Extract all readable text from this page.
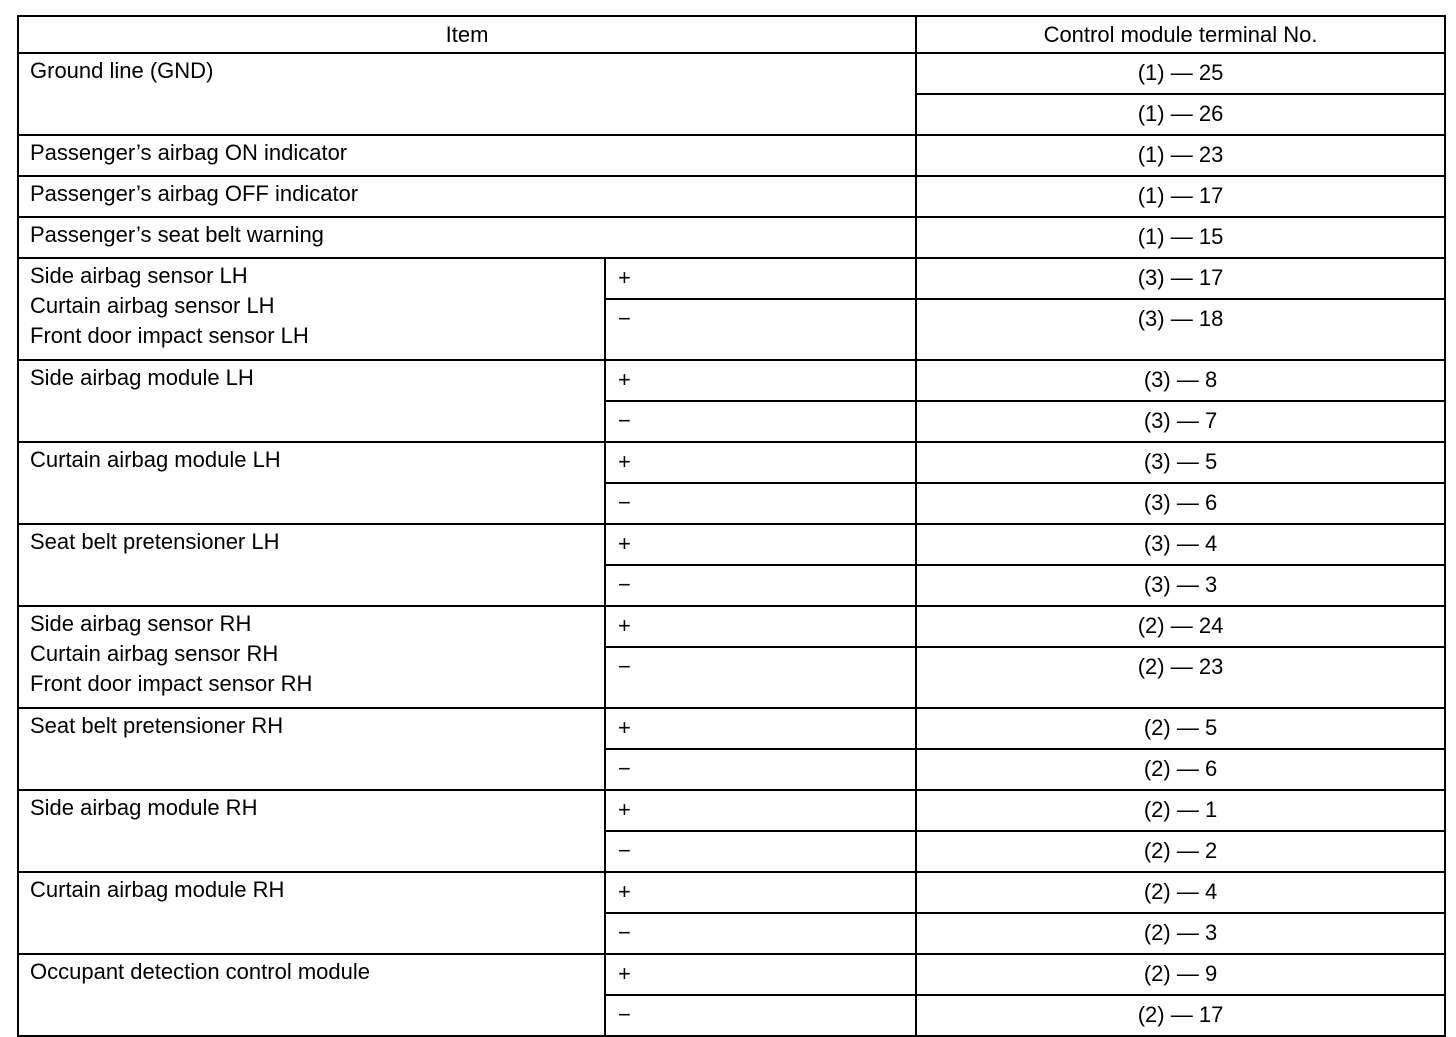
Item		Control module terminal No.
Ground line (GND)		(1) — 25
		(1) — 26
Passenger’s airbag ON indicator		(1) — 23
Passenger’s airbag OFF indicator		(1) — 17
Passenger’s seat belt warning		(1) — 15

Side airbag sensor LH
Curtain airbag sensor LH
Front door impact sensor LH	+	(3) — 17
	−	(3) — 18
Side airbag module LH	+	(3) — 8
	−	(3) — 7
Curtain airbag module LH	+	(3) — 5
	−	(3) — 6
Seat belt pretensioner LH	+	(3) — 4
	−	(3) — 3

Side airbag sensor RH
Curtain airbag sensor RH
Front door impact sensor RH	+	(2) — 24
	−	(2) — 23
Seat belt pretensioner RH	+	(2) — 5
	−	(2) — 6
Side airbag module RH	+	(2) — 1
	−	(2) — 2
Curtain airbag module RH	+	(2) — 4
	−	(2) — 3
Occupant detection control module	+	(2) — 9
	−	(2) — 17
